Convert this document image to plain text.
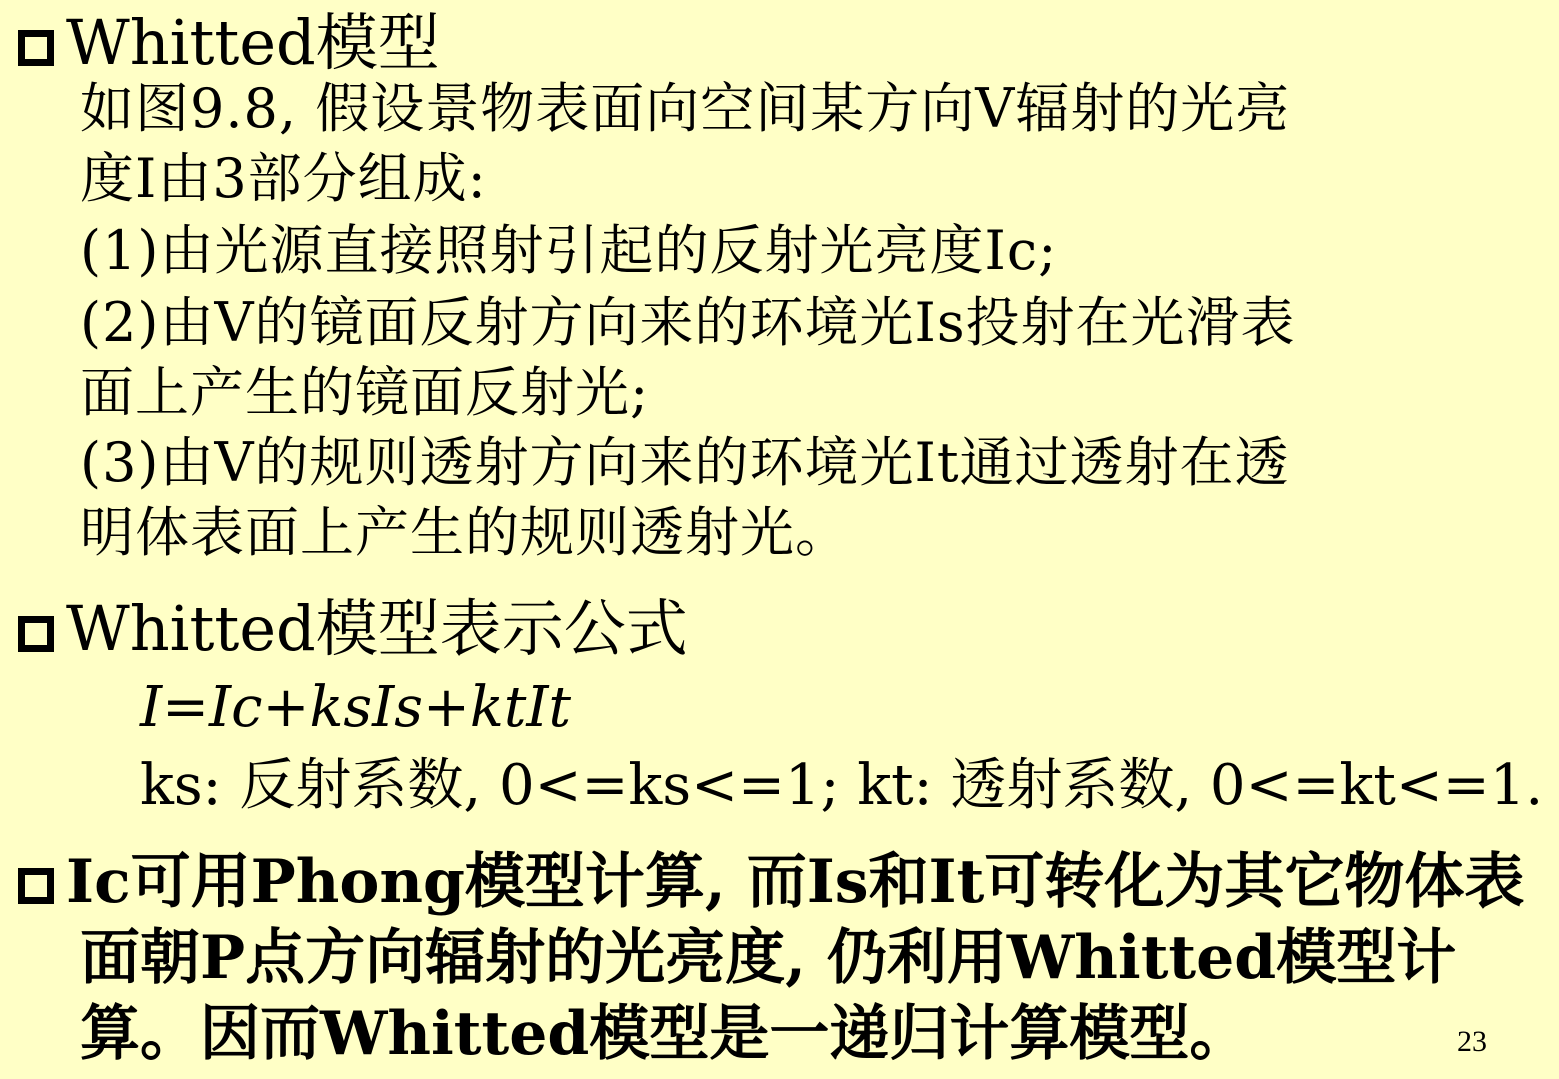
Whitted模型
如图9.8, 假设景物表面向空间某方向V辐射的光亮
度I由3部分组成:
(1)由光源直接照射引起的反射光亮度Ic;
(2)由V的镜面反射方向来的环境光Is投射在光滑表
面上产生的镜面反射光;
(3)由V的规则透射方向来的环境光It通过透射在透
明体表面上产生的规则透射光。
Whitted模型表示公式
I=Ic+ksIs+ktIt
ks: 反射系数, 0<=ks<=1; kt: 透射系数, 0<=kt<=1.
Ic可用Phong模型计算, 而Is和It可转化为其它物体表
面朝P点方向辐射的光亮度, 仍利用Whitted模型计
算。因而Whitted模型是一递归计算模型。	23
